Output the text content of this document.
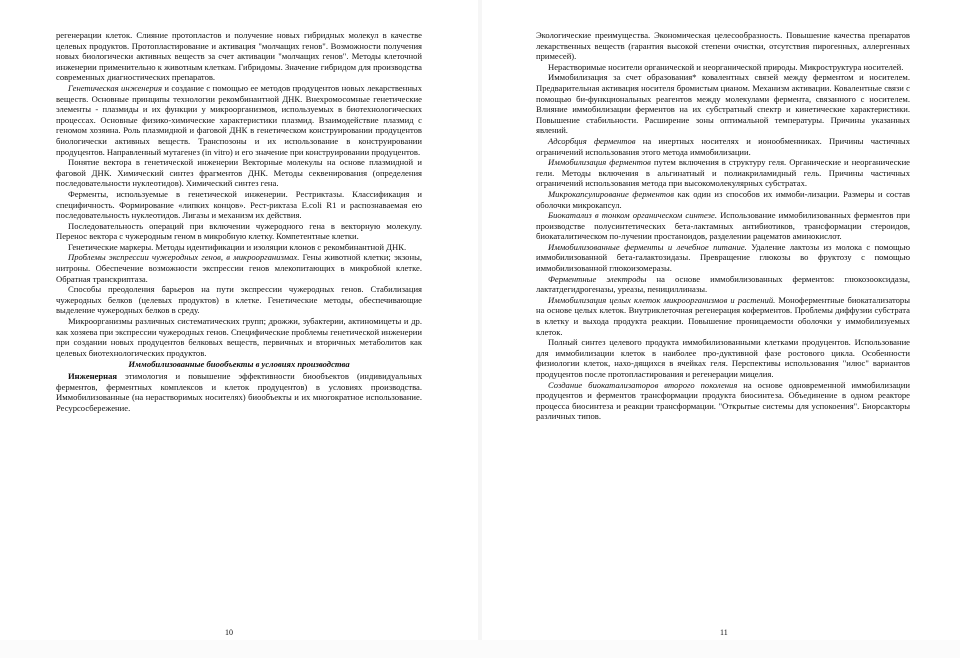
регенерации клеток. Слияние протопластов и получение новых гибридных молекул в качестве целевых продуктов. Протопластирование и активация "молчащих генов". Возможности получения новых биологически активных веществ за счет активации "молчащих генов". Методы клеточной инженерии применительно к животным клеткам. Гибридомы. Значение гибридом для производства современных диагностических препаратов.

Генетическая инженерия и создание с помощью ее методов продуцентов новых лекарственных веществ. Основные принципы технологии рекомбинантной ДНК. Внехромосомные генетические элементы - плазмиды и их функции у микроорганизмов, используемых в биотехнологических процессах. Основные физико-химические характеристики плазмид. Взаимодействие плазмид с геномом хозяина. Роль плазмидной и фаговой ДНК в генетическом конструировании продуцентов биологически активных веществ. Транспозоны и их использование в конструировании продуцентов. Направленный мутагенез (in vitro) и его значение при конструировании продуцентов.

Понятие вектора в генетической инженерии Векторные молекулы на основе плазмидной и фаговой ДНК. Химический синтез фрагментов ДНК. Методы секвенирования (определения последовательности нуклеотидов). Химический синтез гена.

Ферменты, используемые в генетической инженерии. Рестриктазы. Классификация и специфичность. Формирование «липких концов». Рест-риктаза E.coli R1 и распознаваемая ею последовательность нуклеотидов. Лигазы и механизм их действия.

Последовательность операций при включении чужеродного гена в векторную молекулу. Перенос вектора с чужеродным геном в микробную клетку. Компетентные клетки.

Генетические маркеры. Методы идентификации и изоляции клонов с рекомбинантной ДНК.

Проблемы экспрессии чужеродных генов, в микроорганизмах. Гены животной клетки; экзоны, нитроны. Обеспечение возможности экспрессии генов млекопитающих в микробной клетке. Обратная транскриптаза.

Способы преодоления барьеров на пути экспрессии чужеродных генов. Стабилизация чужеродных белков (целевых продуктов) в клетке. Генетические методы, обеспечивающие выделение чужеродных белков в среду.

Микроорганизмы различных систематических групп; дрожжи, зубактерии, актиномицеты и др. как хозяева при экспрессии чужеродных генов. Специфические проблемы генетической инженерии при создании новых продуцентов белковых веществ, первичных и вторичных метаболитов как целевых биотехнологических продуктов.

Иммобилизованные биообъекты в условиях производства

Инженерная этимология и повышение эффективности биообъектов (индивидуальных ферментов, ферментных комплексов и клеток продуцентов) в условиях производства. Иммобилизованные (на нерастворимых носителях) биообъекты и их многократное использование. Ресурсосбережение.

10

Экологические преимущества. Экономическая целесообразность. Повышение качества препаратов лекарственных веществ (гарантия высокой степени очистки, отсутствия пирогенных, аллергенных примесей).

Нерастворимые носители органической и неорганической природы. Микроструктура носителей.

Иммобилизация за счет образования* ковалентных связей между ферментом и носителем. Предварительная активация носителя бромистым цианом. Механизм активации. Ковалентные связи с помощью би-функциональных реагентов между молекулами фермента, связанного с носителем. Влияние иммобилизации ферментов на их субстратный спектр и кинетические характеристики. Повышение стабильности. Расширение зоны оптимальной температуры. Причины указанных явлений.

Адсорбция ферментов на инертных носителях и ионообменниках. Причины частичных ограничений использования этого метода иммобилизации.

Иммобилизация ферментов путем включения в структуру геля. Органические и неорганические гели. Методы включения в альгинатный и полиакриламидный гель. Причины частичных ограничений использования метода при высокомолекулярных субстратах.

Микрокапсулирование ферментов как один из способов их иммоби-лизации. Размеры и состав оболочки микрокапсул.

Биокатализ в тонком органическом синтезе. Использование иммобилизованных ферментов при производстве полусинтетических бета-лактамных антибиотиков, трансформации стероидов, биокаталитическом по-лучении простаноидов, разделении рацематов аминокислот.

Иммобилизованные ферменты и лечебное питание. Удаление лактозы из молока с помощью иммобилизованной бета-галактозидазы. Превращение глюкозы во фруктозу с помощью иммобилизованной глюкоизомеразы.

Ферментные электроды на основе иммобилизованных ферментов: глюкозооксидазы, лактатдегидрогеназы, уреазы, пенициллиназы.

Иммобилизация целых клеток микроорганизмов и растений. Моноферментные биокатализаторы на основе целых клеток. Внутриклеточная регенерация коферментов. Проблемы диффузии субстрата в клетку и выхода продукта реакции. Повышение проницаемости оболочки у иммобилизуемых клеток.

Полный синтез целевого продукта иммобилизованными клетками продуцентов. Использование для иммобилизации клеток в наиболее про-дуктивной фазе ростового цикла. Особенности физиологии клеток, нахо-дящихся в ячейках геля. Перспективы использования "илюс" вариантов продуцентов после протопластирования и регенерации мицелия.

Создание биокатализаторов второго поколения на основе одновременной иммобилизации продуцентов и ферментов трансформации продукта биосинтеза. Объединение в одном реакторе процесса биосинтеза и реакции трансформации. "Открытые системы для успокоения". Биорсакторы различных типов.

11
